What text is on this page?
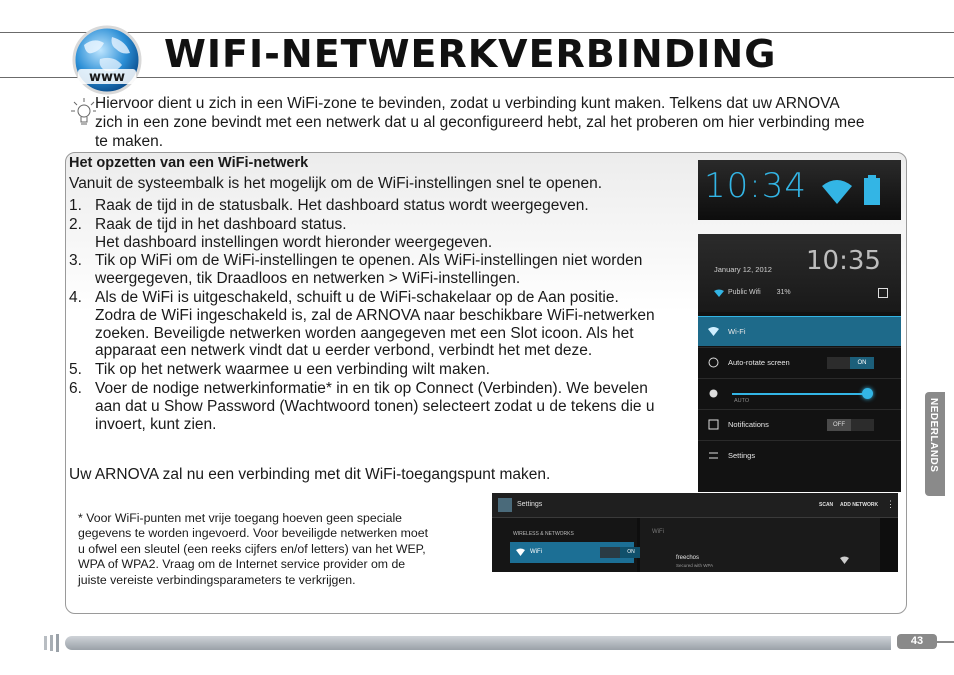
www
WIFI-NETWERKVERBINDING
Hiervoor dient u zich in een WiFi-zone te bevinden, zodat u verbinding kunt maken. Telkens dat uw ARNOVA
zich in een zone bevindt met een netwerk dat u al geconfigureerd hebt, zal het proberen om hier verbinding mee
te maken.
Het opzetten van een WiFi-netwerk
Vanuit de systeembalk is het mogelijk om de WiFi-instellingen snel te openen.
1. Raak de tijd in de statusbalk. Het dashboard status wordt weergegeven.
2. Raak de tijd in het dashboard status.
Het dashboard instellingen wordt hieronder weergegeven.
3. Tik op WiFi om de WiFi-instellingen te openen. Als WiFi-instellingen niet worden
weergegeven, tik Draadloos en netwerken > WiFi-instellingen.
4. Als de WiFi is uitgeschakeld, schuift u de WiFi-schakelaar op de Aan positie.
Zodra de WiFi ingeschakeld is, zal de ARNOVA naar beschikbare WiFi-netwerken
zoeken. Beveiligde netwerken worden aangegeven met een Slot icoon. Als het
apparaat een netwerk vindt dat u eerder verbond, verbindt het met deze.
5. Tik op het netwerk waarmee u een verbinding wilt maken.
6. Voer de nodige netwerkinformatie* in en tik op Connect (Verbinden). We bevelen
aan dat u Show Password (Wachtwoord tonen) selecteert zodat u de tekens die u
invoert, kunt zien.
Uw ARNOVA zal nu een verbinding met dit WiFi-toegangspunt maken.
* Voor WiFi-punten met vrije toegang hoeven geen speciale
gegevens te worden ingevoerd. Voor beveiligde netwerken moet
u ofwel een sleutel (een reeks cijfers en/of letters) van het WEP,
WPA of WPA2. Vraag om de Internet service provider om de
juiste vereiste verbindingsparameters te verkrijgen.
10:34
January 12, 2012 10:35
Public Wifi 31%
Wi-Fi
Auto-rotate screen	ON
AUTO
Notifications	OFF
Settings
Settings	SCAN ADD NETWORK ⋮
WIRELESS & NETWORKS
WiFi	ON
WiFi
freechos
Secured with WPA
NEDERLANDS
43
